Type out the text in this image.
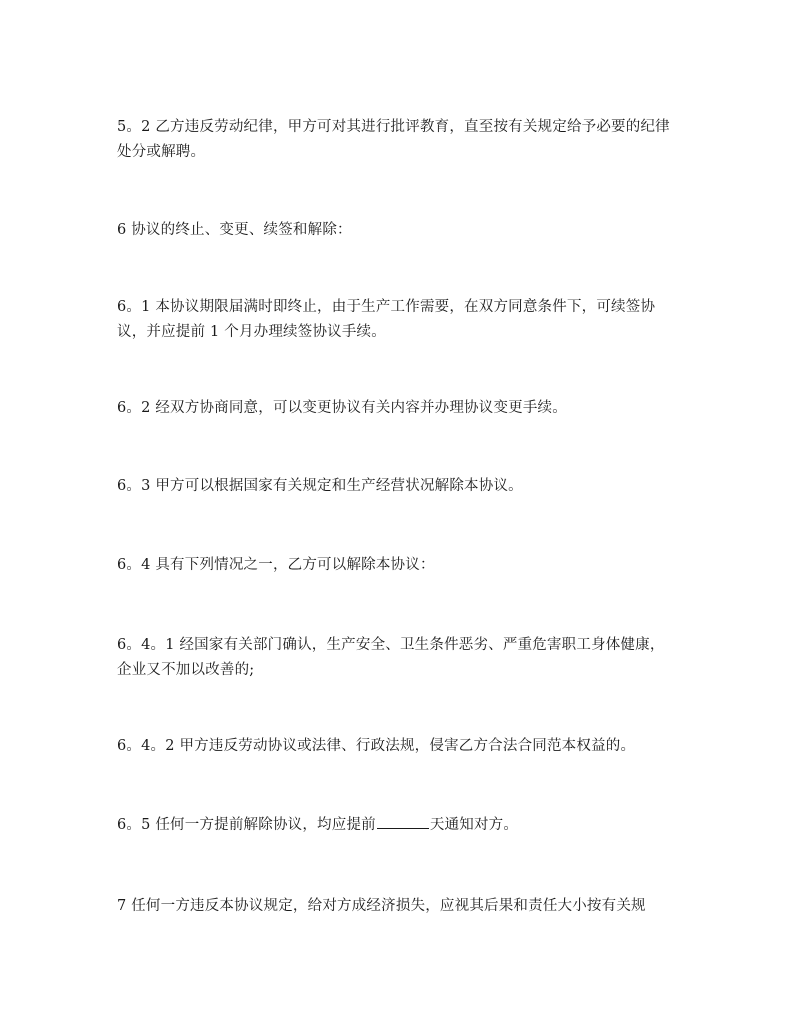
5。2 乙方违反劳动纪律，甲方可对其进行批评教育，直至按有关规定给予必要的纪律处分或解聘。

6 协议的终止、变更、续签和解除：

6。1 本协议期限届满时即终止，由于生产工作需要，在双方同意条件下，可续签协议，并应提前 1 个月办理续签协议手续。

6。2 经双方协商同意，可以变更协议有关内容并办理协议变更手续。

6。3 甲方可以根据国家有关规定和生产经营状况解除本协议。

6。4 具有下列情况之一，乙方可以解除本协议：

6。4。1 经国家有关部门确认，生产安全、卫生条件恶劣、严重危害职工身体健康，企业又不加以改善的;

6。4。2 甲方违反劳动协议或法律、行政法规，侵害乙方合法合同范本权益的。

6。5 任何一方提前解除协议，均应提前	天通知对方。

7 任何一方违反本协议规定，给对方成经济损失，应视其后果和责任大小按有关规
